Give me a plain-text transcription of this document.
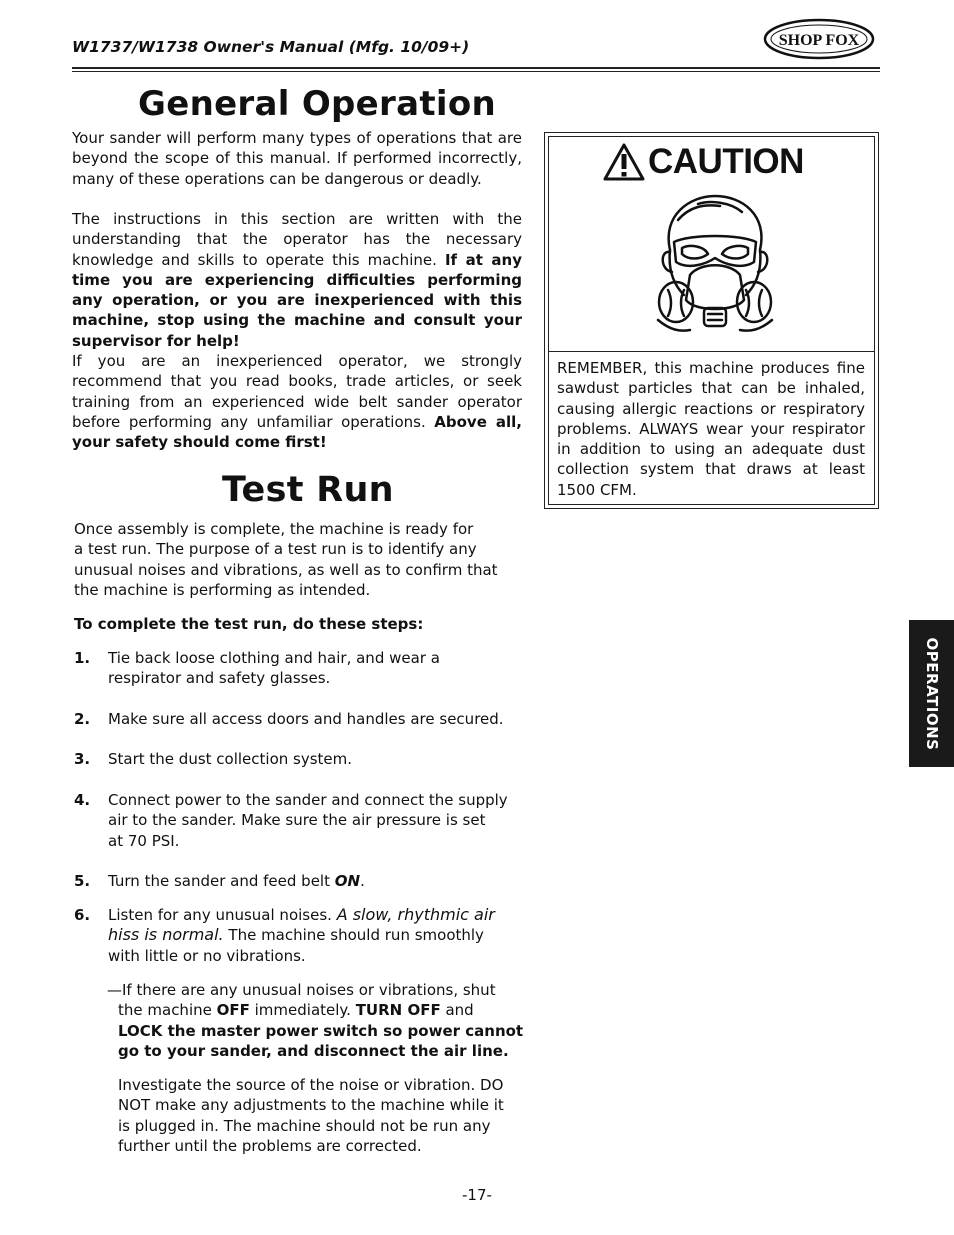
W1737/W1738 Owner's Manual (Mfg. 10/09+)	SHOP FOX
General Operation
Your sander will perform many types of operations that are beyond the scope of this manual. If performed incorrectly, many of these operations can be dangerous or deadly.
The instructions in this section are written with the understanding that the operator has the necessary knowledge and skills to operate this machine. If at any time you are experiencing difficulties performing any operation, or you are inexperienced with this machine, stop using the machine and consult your supervisor for help!
If you are an inexperienced operator, we strongly recommend that you read books, trade articles, or seek training from an experienced wide belt sander operator before performing any unfamiliar operations. Above all, your safety should come first!
Test Run
Once assembly is complete, the machine is ready for
a test run. The purpose of a test run is to identify any
unusual noises and vibrations, as well as to confirm that
the machine is performing as intended.
To complete the test run, do these steps:
1. Tie back loose clothing and hair, and wear a
respirator and safety glasses.
2. Make sure all access doors and handles are secured.
3. Start the dust collection system.
4. Connect power to the sander and connect the supply
air to the sander. Make sure the air pressure is set
at 70 PSI.
5. Turn the sander and feed belt ON.
6. Listen for any unusual noises. A slow, rhythmic air
hiss is normal. The machine should run smoothly
with little or no vibrations.
—If there are any unusual noises or vibrations, shut
the machine OFF immediately. TURN OFF and
LOCK the master power switch so power cannot
go to your sander, and disconnect the air line.
Investigate the source of the noise or vibration. DO
NOT make any adjustments to the machine while it
is plugged in. The machine should not be run any
further until the problems are corrected.
CAUTION
REMEMBER, this machine produces fine sawdust particles that can be inhaled, causing allergic reactions or respiratory problems. ALWAYS wear your respirator in addition to using an adequate dust collection system that draws at least 1500 CFM.
OPERATIONS
-17-
